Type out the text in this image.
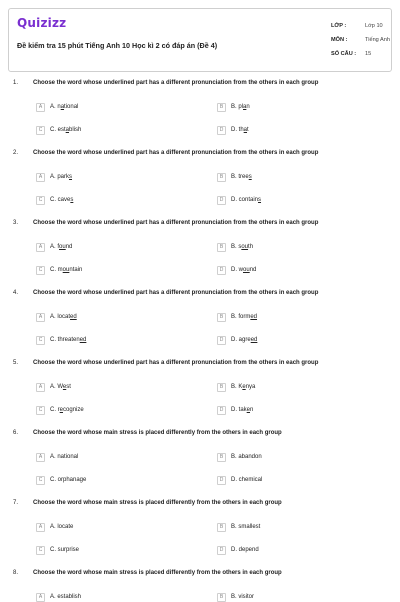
Quizizz
Đề kiểm tra 15 phút Tiếng Anh 10 Học kì 2 có đáp án (Đề 4)
LỚP :	Lớp 10
MÔN :	Tiếng Anh
SỐ CÂU :	15
1. Choose the word whose underlined part has a different pronunciation from the others in each group
A	A. national	B	B. plan
C	C. establish	D	D. that
2. Choose the word whose underlined part has a different pronunciation from the others in each group
A	A. parks	B	B. trees
C	C. caves	D	D. contains
3. Choose the word whose underlined part has a different pronunciation from the others in each group
A	A. found	B	B. south
C	C. mountain	D	D. wound
4. Choose the word whose underlined part has a different pronunciation from the others in each group
A	A. located	B	B. formed
C	C. threatened	D	D. agreed
5. Choose the word whose underlined part has a different pronunciation from the others in each group
A	A. West	B	B. Kenya
C	C. recognize	D	D. taken
6. Choose the word whose main stress is placed differently from the others in each group
A	A. national	B	B. abandon
C	C. orphanage	D	D. chemical
7. Choose the word whose main stress is placed differently from the others in each group
A	A. locate	B	B. smallest
C	C. surprise	D	D. depend
8. Choose the word whose main stress is placed differently from the others in each group
A	A. establish	B	B. visitor
